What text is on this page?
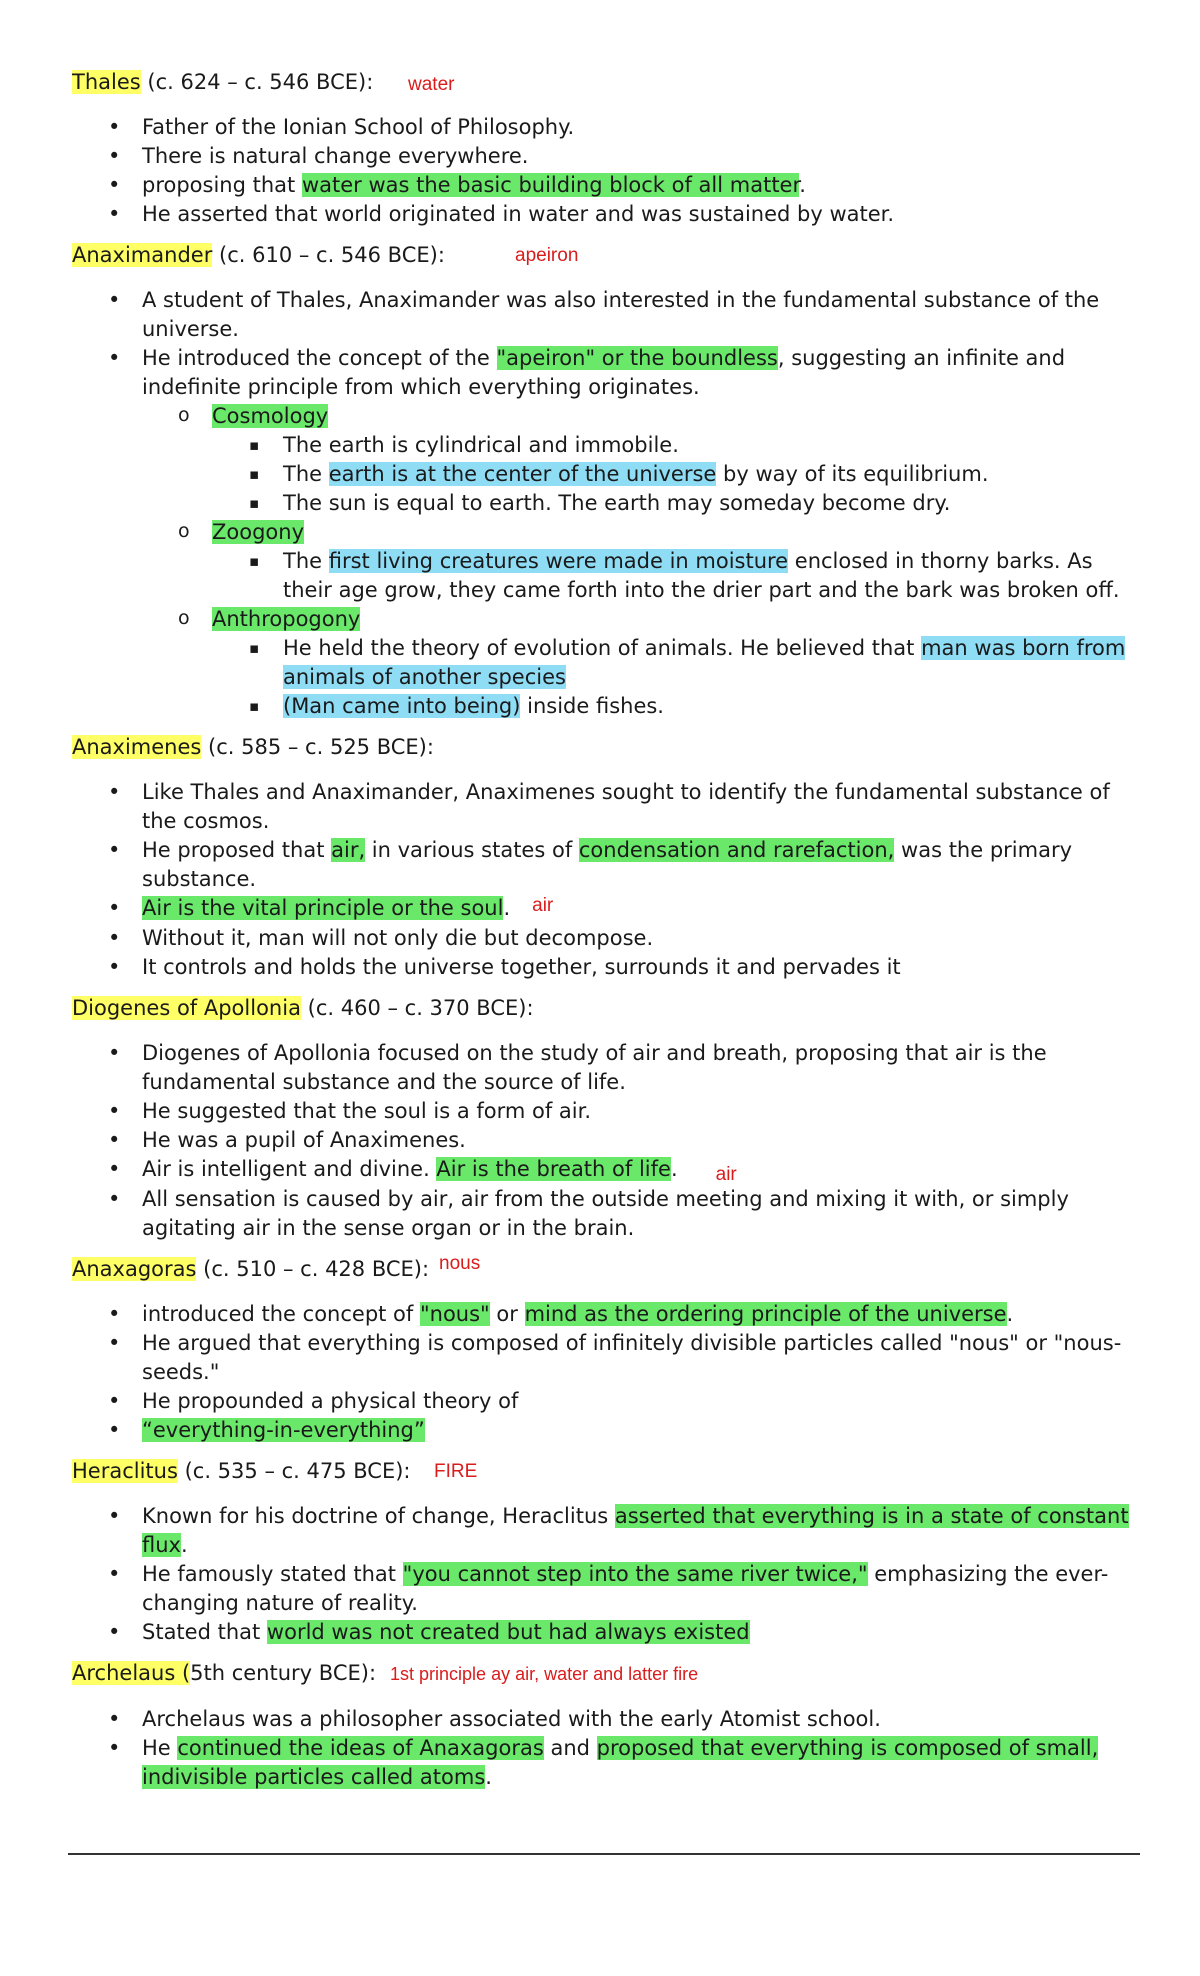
Thales (c. 624 – c. 546 BCE):	water
• Father of the Ionian School of Philosophy.
• There is natural change everywhere.
• proposing that water was the basic building block of all matter.
• He asserted that world originated in water and was sustained by water.
Anaximander (c. 610 – c. 546 BCE):	apeiron
• A student of Thales, Anaximander was also interested in the fundamental substance of the universe.
• He introduced the concept of the "apeiron" or the boundless, suggesting an infinite and indefinite principle from which everything originates.
o Cosmology
▪ The earth is cylindrical and immobile.
▪ The earth is at the center of the universe by way of its equilibrium.
▪ The sun is equal to earth. The earth may someday become dry.
o Zoogony
▪ The first living creatures were made in moisture enclosed in thorny barks. As their age grow, they came forth into the drier part and the bark was broken off.
o Anthropogony
▪ He held the theory of evolution of animals. He believed that man was born from animals of another species
▪ (Man came into being) inside fishes.
Anaximenes (c. 585 – c. 525 BCE):
• Like Thales and Anaximander, Anaximenes sought to identify the fundamental substance of the cosmos.
• He proposed that air, in various states of condensation and rarefaction, was the primary substance.
• Air is the vital principle or the soul. air
• Without it, man will not only die but decompose.
• It controls and holds the universe together, surrounds it and pervades it
Diogenes of Apollonia (c. 460 – c. 370 BCE):
• Diogenes of Apollonia focused on the study of air and breath, proposing that air is the fundamental substance and the source of life.
• He suggested that the soul is a form of air.
• He was a pupil of Anaximenes.
• Air is intelligent and divine. Air is the breath of life. air
• All sensation is caused by air, air from the outside meeting and mixing it with, or simply agitating air in the sense organ or in the brain.
Anaxagoras (c. 510 – c. 428 BCE): nous
• introduced the concept of "nous" or mind as the ordering principle of the universe.
• He argued that everything is composed of infinitely divisible particles called "nous" or "nous-seeds."
• He propounded a physical theory of
• “everything-in-everything”
Heraclitus (c. 535 – c. 475 BCE):	FIRE
• Known for his doctrine of change, Heraclitus asserted that everything is in a state of constant flux.
• He famously stated that "you cannot step into the same river twice," emphasizing the ever-changing nature of reality.
• Stated that world was not created but had always existed
Archelaus (5th century BCE): 1st principle ay air, water and latter fire
• Archelaus was a philosopher associated with the early Atomist school.
• He continued the ideas of Anaxagoras and proposed that everything is composed of small, indivisible particles called atoms.
